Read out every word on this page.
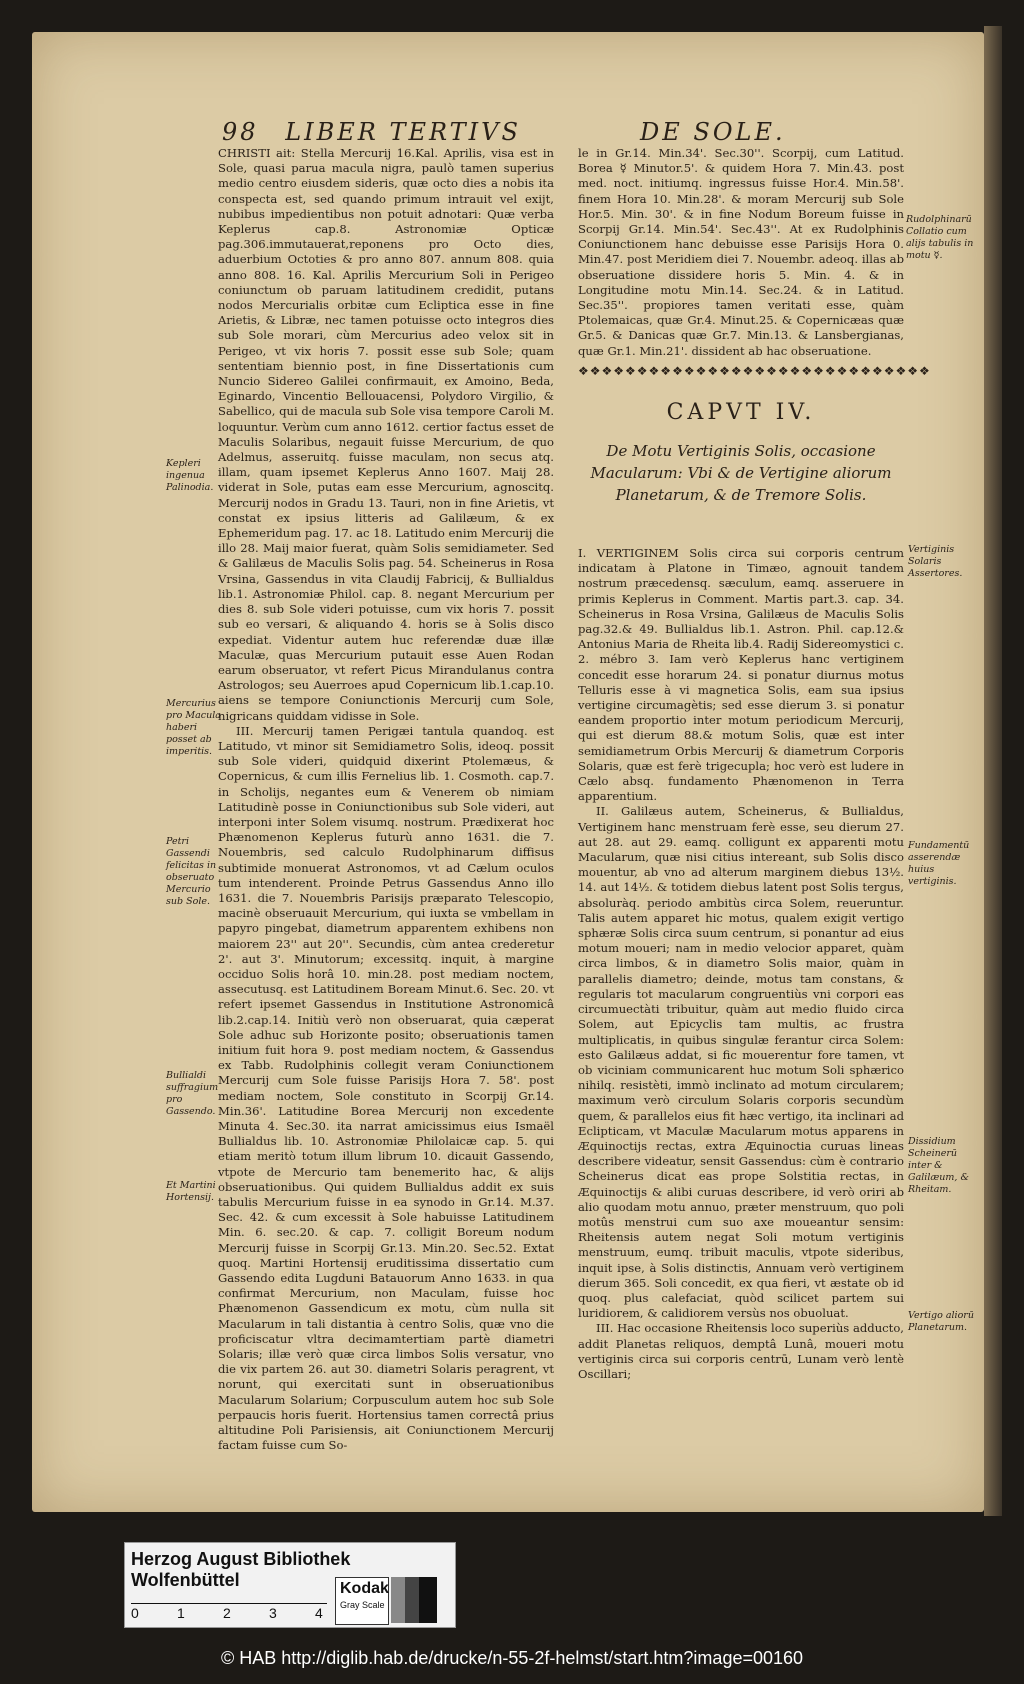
98 LIBER TERTIVS	DE SOLE.

CHRISTI ait: Stella Mercurij 16.Kal. Aprilis, visa est in Sole, quasi parua macula nigra, paulò tamen superius medio centro eiusdem sideris, quæ octo dies a nobis ita conspecta est, sed quando primum intrauit vel exijt, nubibus impedientibus non potuit adnotari: Quæ verba Keplerus cap.8. Astronomiæ Opticæ pag.306.immutauerat,reponens pro Octo dies, aduerbium Octoties & pro anno 807. annum 808. quia anno 808. 16. Kal. Aprilis Mercurium Soli in Perigeo coniunctum ob paruam latitudinem credidit, putans nodos Mercurialis orbitæ cum Ecliptica esse in fine Arietis, & Libræ, nec tamen potuisse octo integros dies sub Sole morari, cùm Mercurius adeo velox sit in Perigeo, vt vix horis 7. possit esse sub Sole; quam sententiam biennio post, in fine Dissertationis cum Nuncio Sidereo Galilei confirmauit, ex Amoino, Beda, Eginardo, Vincentio Bellouacensi, Polydoro Virgilio, & Sabellico, qui de macula sub Sole visa tempore Caroli M. loquuntur. Verùm cum anno 1612. certior factus esset de Maculis Solaribus, negauit fuisse Mercurium, de quo Adelmus, asseruitq. fuisse maculam, non secus atq. illam, quam ipsemet Keplerus Anno 1607. Maij 28. viderat in Sole, putas eam esse Mercurium, agnoscitq. Mercurij nodos in Gradu 13. Tauri, non in fine Arietis, vt constat ex ipsius litteris ad Galilæum, & ex Ephemeridum pag. 17. ac 18. Latitudo enim Mercurij die illo 28. Maij maior fuerat, quàm Solis semidiameter. Sed & Galilæus de Maculis Solis pag. 54. Scheinerus in Rosa Vrsina, Gassendus in vita Claudij Fabricij, & Bullialdus lib.1. Astronomiæ Philol. cap. 8. negant Mercurium per dies 8. sub Sole videri potuisse, cum vix horis 7. possit sub eo versari, & aliquando 4. horis se à Solis disco expediat. Videntur autem huc referendæ duæ illæ Maculæ, quas Mercurium putauit esse Auen Rodan earum obseruator, vt refert Picus Mirandulanus contra Astrologos; seu Auerroes apud Copernicum lib.1.cap.10. aiens se tempore Coniunctionis Mercurij cum Sole, nigricans quiddam vidisse in Sole.

III. Mercurij tamen Perigæi tantula quandoq. est Latitudo, vt minor sit Semidiametro Solis, ideoq. possit sub Sole videri, quidquid dixerint Ptolemæus, & Copernicus, & cum illis Fernelius lib. 1. Cosmoth. cap.7. in Scholijs, negantes eum & Venerem ob nimiam Latitudinè posse in Coniunctionibus sub Sole videri, aut interponi inter Solem visumq. nostrum. Prædixerat hoc Phænomenon Keplerus futurù anno 1631. die 7. Nouembris, sed calculo Rudolphinarum diffisus subtimide monuerat Astronomos, vt ad Cælum oculos tum intenderent. Proinde Petrus Gassendus Anno illo 1631. die 7. Nouembris Parisijs præparato Telescopio, macinè obseruauit Mercurium, qui iuxta se vmbellam in papyro pingebat, diametrum apparentem exhibens non maiorem 23'' aut 20''. Secundis, cùm antea crederetur 2'. aut 3'. Minutorum; excessitq. inquit, à margine occiduo Solis horâ 10. min.28. post mediam noctem, assecutusq. est Latitudinem Boream Minut.6. Sec. 20. vt refert ipsemet Gassendus in Institutione Astronomicâ lib.2.cap.14. Initiù verò non obseruarat, quia cæperat Sole adhuc sub Horizonte posito; obseruationis tamen initium fuit hora 9. post mediam noctem, & Gassendus ex Tabb. Rudolphinis collegit veram Coniunctionem Mercurij cum Sole fuisse Parisijs Hora 7. 58'. post mediam noctem, Sole constituto in Scorpij Gr.14. Min.36'. Latitudine Borea Mercurij non excedente Minuta 4. Sec.30. ita narrat amicissimus eius Ismaël Bullialdus lib. 10. Astronomiæ Philolaicæ cap. 5. qui etiam meritò totum illum librum 10. dicauit Gassendo, vtpote de Mercurio tam benemerito hac, & alijs obseruationibus. Qui quidem Bullialdus addit ex suis tabulis Mercurium fuisse in ea synodo in Gr.14. M.37. Sec. 42. & cum excessit à Sole habuisse Latitudinem Min. 6. sec.20. & cap. 7. colligit Boreum nodum Mercurij fuisse in Scorpij Gr.13. Min.20. Sec.52. Extat quoq. Martini Hortensij eruditissima dissertatio cum Gassendo edita Lugduni Batauorum Anno 1633. in qua confirmat Mercurium, non Maculam, fuisse hoc Phænomenon Gassendicum ex motu, cùm nulla sit Macularum in tali distantia à centro Solis, quæ vno die proficiscatur vltra decimamtertiam partè diametri Solaris; illæ verò quæ circa limbos Solis versatur, vno die vix partem 26. aut 30. diametri Solaris peragrent, vt norunt, qui exercitati sunt in obseruationibus Macularum Solarium; Corpusculum autem hoc sub Sole perpaucis horis fuerit. Hortensius tamen correctâ prius altitudine Poli Parisiensis, ait Coniunctionem Mercurij factam fuisse cum So-

Kepleri ingenua Palinodia.
Mercurius pro Macula haberi posset ab imperitis.
Petri Gassendi felicitas in obseruato Mercurio sub Sole.
Bullialdi suffragium pro Gassendo.
Et Martini Hortensij.

le in Gr.14. Min.34'. Sec.30''. Scorpij, cum Latitud. Borea ☿ Minutor.5'. & quidem Hora 7. Min.43. post med. noct. initiumq. ingressus fuisse Hor.4. Min.58'. finem Hora 10. Min.28'. & moram Mercurij sub Sole Hor.5. Min. 30'. & in fine Nodum Boreum fuisse in Scorpij Gr.14. Min.54'. Sec.43''. At ex Rudolphinis Coniunctionem hanc debuisse esse Parisijs Hora 0. Min.47. post Meridiem diei 7. Nouembr. adeoq. illas ab obseruatione dissidere horis 5. Min. 4. & in Longitudine motu Min.14. Sec.24. & in Latitud. Sec.35''. propiores tamen veritati esse, quàm Ptolemaicas, quæ Gr.4. Minut.25. & Copernicæas quæ Gr.5. & Danicas quæ Gr.7. Min.13. & Lansbergianas, quæ Gr.1. Min.21'. dissident ab hac obseruatione.

Rudolphinarū Collatio cum alijs tabulis in motu ☿.
❖❖❖❖❖❖❖❖❖❖❖❖❖❖❖❖❖❖❖❖❖❖❖❖❖❖❖❖❖❖
CAPVT IV.
De Motu Vertiginis Solis, occasione Macularum: Vbi & de Vertigine aliorum Planetarum, & de Tremore Solis.

I. VERTIGINEM Solis circa sui corporis centrum indicatam à Platone in Timæo, agnouit tandem nostrum præcedensq. sæculum, eamq. asseruere in primis Keplerus in Comment. Martis part.3. cap. 34. Scheinerus in Rosa Vrsina, Galilæus de Maculis Solis pag.32.& 49. Bullialdus lib.1. Astron. Phil. cap.12.& Antonius Maria de Rheita lib.4. Radij Sidereomystici c. 2. mébro 3. Iam verò Keplerus hanc vertiginem concedit esse horarum 24. si ponatur diurnus motus Telluris esse à vi magnetica Solis, eam sua ipsius vertigine circumagètis; sed esse dierum 3. si ponatur eandem proportio inter motum periodicum Mercurij, qui est dierum 88.& motum Solis, quæ est inter semidiametrum Orbis Mercurij & diametrum Corporis Solaris, quæ est ferè trigecupla; hoc verò est ludere in Cælo absq. fundamento Phænomenon in Terra apparentium.

II. Galilæus autem, Scheinerus, & Bullialdus, Vertiginem hanc menstruam ferè esse, seu dierum 27. aut 28. aut 29. eamq. colligunt ex apparenti motu Macularum, quæ nisi citius intereant, sub Solis disco mouentur, ab vno ad alterum marginem diebus 13½. 14. aut 14½. & totidem diebus latent post Solis tergus, absoluràq. periodo ambitùs circa Solem, reueruntur. Talis autem apparet hic motus, qualem exigit vertigo sphæræ Solis circa suum centrum, si ponantur ad eius motum moueri; nam in medio velocior apparet, quàm circa limbos, & in diametro Solis maior, quàm in parallelis diametro; deinde, motus tam constans, & regularis tot macularum congruentiùs vni corpori eas circumuectàti tribuitur, quàm aut medio fluido circa Solem, aut Epicyclis tam multis, ac frustra multiplicatis, in quibus singulæ ferantur circa Solem: esto Galilæus addat, si fic mouerentur fore tamen, vt ob viciniam communicarent huc motum Soli sphærico nihilq. resistèti, immò inclinato ad motum circularem; maximum verò circulum Solaris corporis secundùm quem, & parallelos eius fit hæc vertigo, ita inclinari ad Eclipticam, vt Maculæ Macularum motus apparens in Æquinoctijs rectas, extra Æquinoctia curuas lineas describere videatur, sensit Gassendus: cùm è contrario Scheinerus dicat eas prope Solstitia rectas, in Æquinoctijs & alibi curuas describere, id verò oriri ab alio quodam motu annuo, præter menstruum, quo poli motûs menstrui cum suo axe moueantur sensim: Rheitensis autem negat Soli motum vertiginis menstruum, eumq. tribuit maculis, vtpote sideribus, inquit ipse, à Solis distinctis, Annuam verò vertiginem dierum 365. Soli concedit, ex qua fieri, vt æstate ob id quoq. plus calefaciat, quòd scilicet partem sui luridiorem, & calidiorem versùs nos obuoluat.

III. Hac occasione Rheitensis loco superiùs adducto, addit Planetas reliquos, demptâ Lunâ, moueri motu vertiginis circa sui corporis centrū, Lunam verò lentè Oscillari;

Vertiginis Solaris Assertores.
Fundamentū asserendæ huius vertiginis.
Dissidium Scheinerū inter & Galilæum, & Rheitam.
Vertigo aliorū Planetarum.
Herzog August Bibliothek Wolfenbüttel
0	1	2	3	4
Kodak
Gray Scale
© HAB http://diglib.hab.de/drucke/n-55-2f-helmst/start.htm?image=00160
